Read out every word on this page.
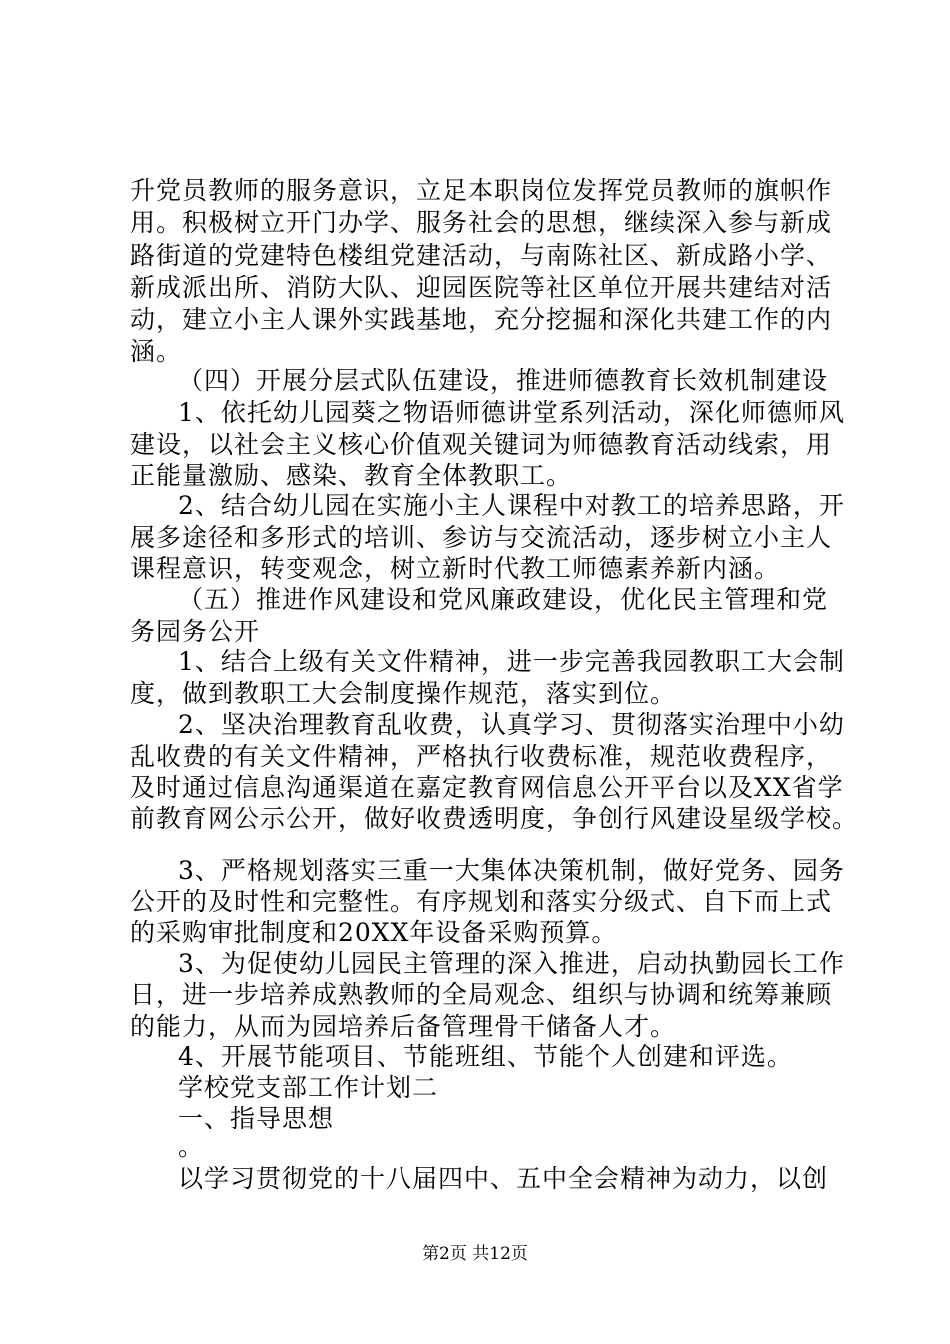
升党员教师的服务意识，立足本职岗位发挥党员教师的旗帜作
用。积极树立开门办学、服务社会的思想，继续深入参与新成
路街道的党建特色楼组党建活动，与南陈社区、新成路小学、
新成派出所、消防大队、迎园医院等社区单位开展共建结对活
动，建立小主人课外实践基地，充分挖掘和深化共建工作的内
涵。
（四）开展分层式队伍建设，推进师德教育长效机制建设
1、依托幼儿园葵之物语师德讲堂系列活动，深化师德师风
建设，以社会主义核心价值观关键词为师德教育活动线索，用
正能量激励、感染、教育全体教职工。
2、结合幼儿园在实施小主人课程中对教工的培养思路，开
展多途径和多形式的培训、参访与交流活动，逐步树立小主人
课程意识，转变观念，树立新时代教工师德素养新内涵。
（五）推进作风建设和党风廉政建设，优化民主管理和党
务园务公开
1、结合上级有关文件精神，进一步完善我园教职工大会制
度，做到教职工大会制度操作规范，落实到位。
2、坚决治理教育乱收费，认真学习、贯彻落实治理中小幼
乱收费的有关文件精神，严格执行收费标准，规范收费程序，
及时通过信息沟通渠道在嘉定教育网信息公开平台以及XX省学
前教育网公示公开，做好收费透明度，争创行风建设星级学校。
3、严格规划落实三重一大集体决策机制，做好党务、园务
公开的及时性和完整性。有序规划和落实分级式、自下而上式
的采购审批制度和20XX年设备采购预算。
3、为促使幼儿园民主管理的深入推进，启动执勤园长工作
日，进一步培养成熟教师的全局观念、组织与协调和统筹兼顾
的能力，从而为园培养后备管理骨干储备人才。
4、开展节能项目、节能班组、节能个人创建和评选。
学校党支部工作计划二
一、指导思想
。
以学习贯彻党的十八届四中、五中全会精神为动力，以创
第2页 共12页
